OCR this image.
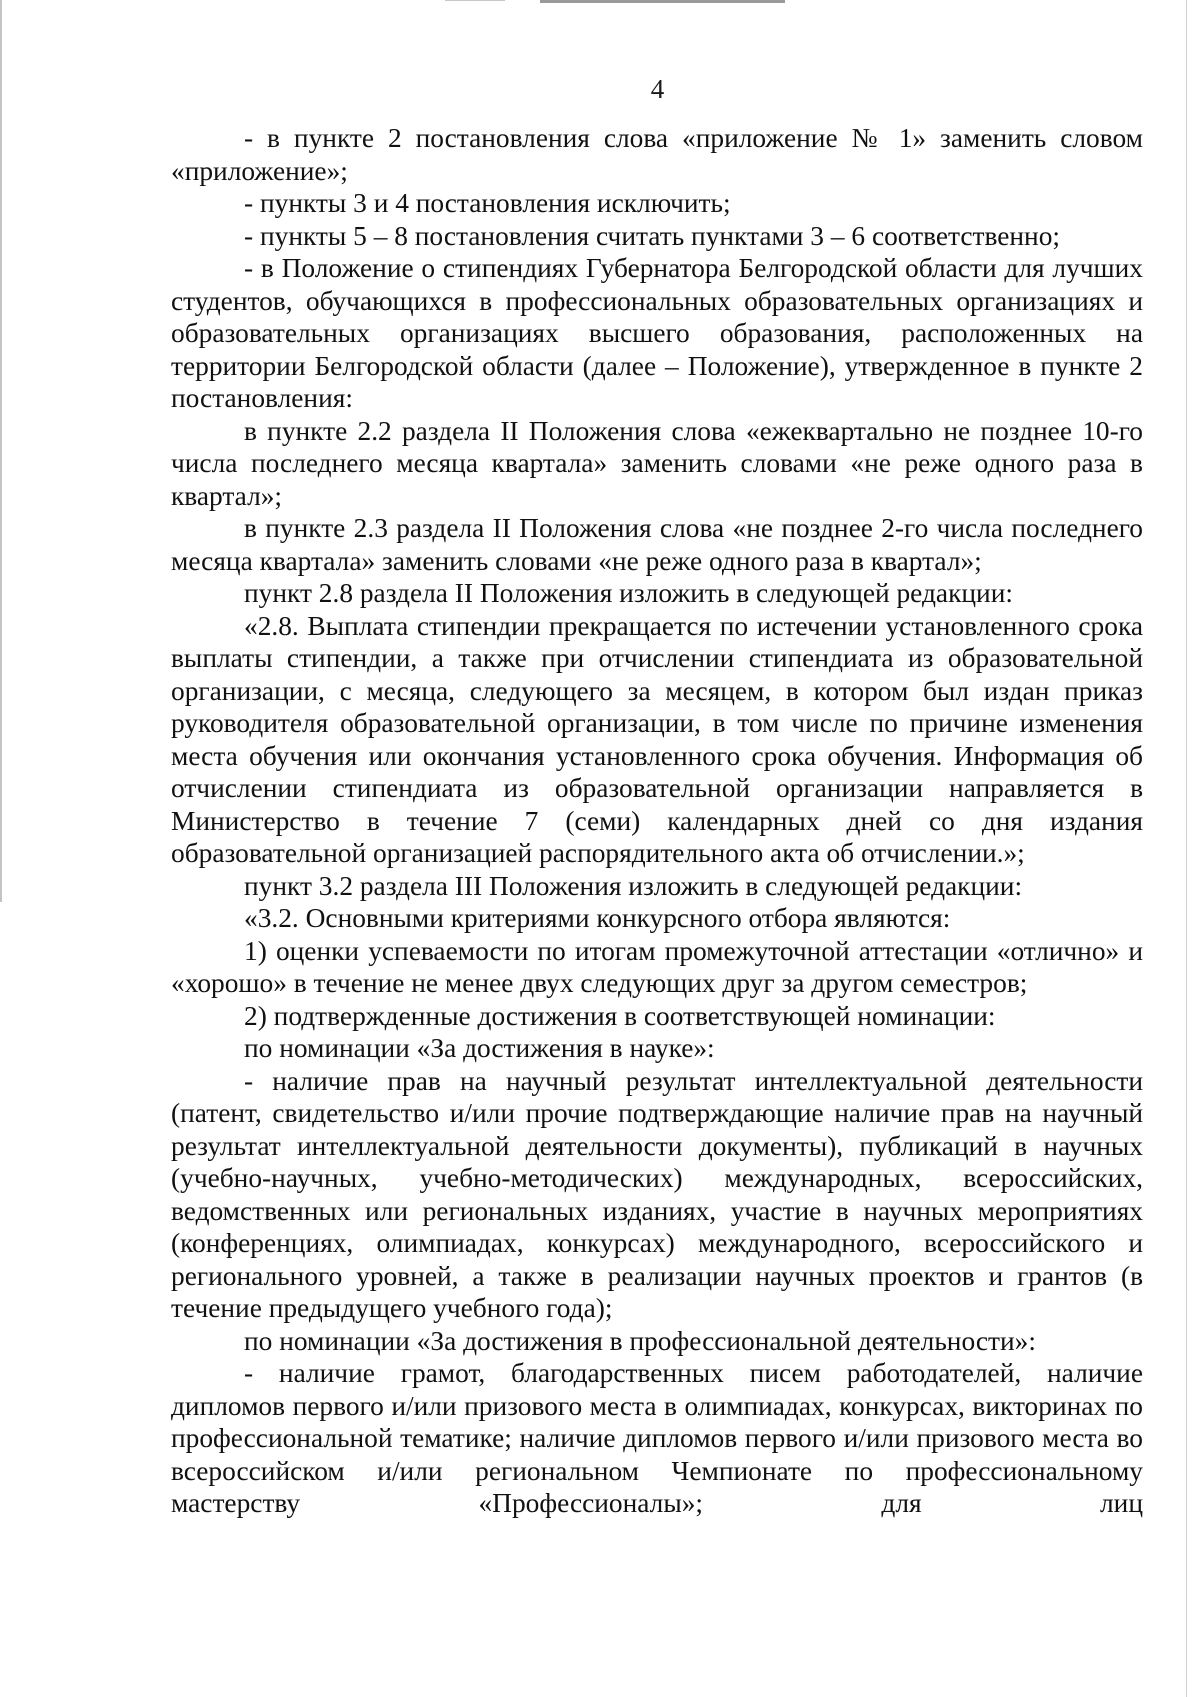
4

- в пункте 2 постановления слова «приложение № 1» заменить словом «приложение»;

- пункты 3 и 4 постановления исключить;

- пункты 5 – 8 постановления считать пунктами 3 – 6 соответственно;

- в Положение о стипендиях Губернатора Белгородской области для лучших студентов, обучающихся в профессиональных образовательных организациях и образовательных организациях высшего образования, расположенных на территории Белгородской области (далее – Положение), утвержденное в пункте 2 постановления:

в пункте 2.2 раздела II Положения слова «ежеквартально не позднее 10-го числа последнего месяца квартала» заменить словами «не реже одного раза в квартал»;

в пункте 2.3 раздела II Положения слова «не позднее 2-го числа последнего месяца квартала» заменить словами «не реже одного раза в квартал»;

пункт 2.8 раздела II Положения изложить в следующей редакции:

«2.8. Выплата стипендии прекращается по истечении установленного срока выплаты стипендии, а также при отчислении стипендиата из образовательной организации, с месяца, следующего за месяцем, в котором был издан приказ руководителя образовательной организации, в том числе по причине изменения места обучения или окончания установленного срока обучения. Информация об отчислении стипендиата из образовательной организации направляется в Министерство в течение 7 (семи) календарных дней со дня издания образовательной организацией распорядительного акта об отчислении.»;

пункт 3.2 раздела III Положения изложить в следующей редакции:

«3.2. Основными критериями конкурсного отбора являются:

1) оценки успеваемости по итогам промежуточной аттестации «отлично» и «хорошо» в течение не менее двух следующих друг за другом семестров;

2) подтвержденные достижения в соответствующей номинации:

по номинации «За достижения в науке»:

- наличие прав на научный результат интеллектуальной деятельности (патент, свидетельство и/или прочие подтверждающие наличие прав на научный результат интеллектуальной деятельности документы), публикаций в научных (учебно-научных, учебно-методических) международных, всероссийских, ведомственных или региональных изданиях, участие в научных мероприятиях (конференциях, олимпиадах, конкурсах) международного, всероссийского и регионального уровней, а также в реализации научных проектов и грантов (в течение предыдущего учебного года);

по номинации «За достижения в профессиональной деятельности»:

- наличие грамот, благодарственных писем работодателей, наличие дипломов первого и/или призового места в олимпиадах, конкурсах, викторинах по профессиональной тематике; наличие дипломов первого и/или призового места во всероссийском и/или региональном Чемпионате по профессиональному мастерству «Профессионалы»; для лиц
